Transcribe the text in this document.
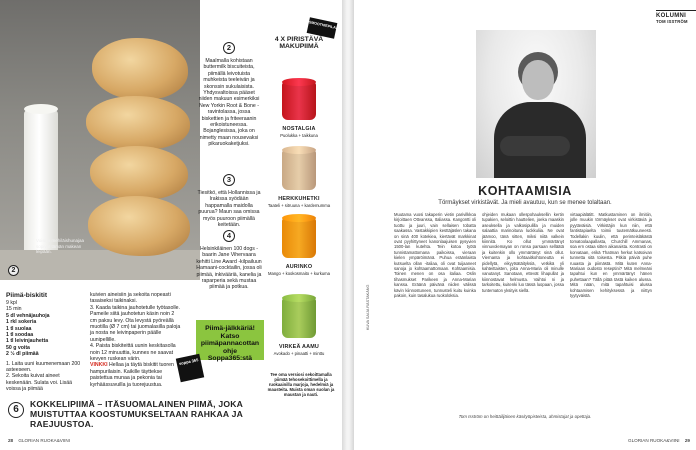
Voisi ja mehiläishunajaa sopivat tämän makean leipään.
2
2
Maalmalla kohistaan buttermilk biscuiteista, piimällä leivotuista muhkeista teeleivän ja skonssin sukulaisista. Yhdysvaltoissa pääset niiden makuun esimerkiksi New Yorkin Root & Bone -ravintolassa, jossa biskettien ja friteeraanin erikoistuneessa. Bojanglesissa, joka on nimetty maan nousevaksi pikaruokaketjuksi.
3
Tiesitkö, että Hollannissa ja Irakissa syödään happamalla maidolla puurua? Maun saa omissa myös puuroon piimällä keitetään.
4
Helsinkiläinen 100 dogs -baarin Jane Vihervaara kehitti Line Award -kilpailuun Hamaani-cocktailin, jossa oli piimää, inkivääriä, kanelia ja raparperia sekä mustaa piimää ja potkua.
Piimä-jälkkäriä! Katso piimäpannacottan ohje Soppa365:stä
soppa 365
Piimä-biskitit
9 kpl
15 min
5 dl vehnäjauhoja
1 rkl sokeria
1 tl suolaa
1 tl soodaa
1 tl leivinjauhetta
50 g voita
2 ½ dl piimää
1. Laita uuni kuumenemaan 200 asteeseen.
2. Sekoita kuivat aineet keskenään. Sulata voi. Lisää voissa ja piimää
kuivien aineisiin ja sekoita nopeasti tasaiseksi taikinaksi.
3. Kaada taikina jauhotetulle työtasolle. Pameile siitä jauhotetun käsin noin 2 cm paksu levy. Ota levystä pyöreällä muotilla (Ø 7 cm) tai juomalasilla paloja ja nosta ne leivinpaperin päälle uunipellille.
4. Paista biskiteittä uunin keskitasolla noin 12 minuuttia, kunnes ne saavat kevyen ruskean värin.
VINKKI Hellaa ja täytä biskitit tuoren hampurilaisin. Kaikille täyttekse paistettua munaa ja pekonia tai kyrhäässuvuilla ja tuorejuustua.
SMOOTHIEPILAARI
4 X PIRISTÄVÄ MAKUPIIMÄ
NOSTALGIA
Puolukka + taikkuna
HERKKUHETKI
Taateli + sitruuna + kardemumma
AURINKO
Mango + kookosmaito + kurkuma
VIRKEÄ AAMU
Avokado + pinaatti + minttu
Tee oma versiosi sekoittamalla piimää tehosekoittimella ja ruokaainilla marjoja, hedelmiä ja mausteita. Muista oman suolan ja maustan ja nauti.
6	KOKKELIPIIMÄ – ITÄSUOMALAINEN PIIMÄ, JOKA MUISTUTTAA KOOSTUMUKSELTAAN RAHKAA JA RAEJUUSTOA.
28 GLORIAN RUOKA&VIINI
KOLUMNI
TOM ISSTRÖM
KUVA SAIJA RÄSTAKÄNG
KOHTAAMISIA
Törmäykset virkistävät. Ja mieli avautuu, kun se menee tolaltaan.
Muutama vuosi takaperin vietin parivilkkoa kirjoittaen Ottvanssa, Italiassa. Kangontti oli tuottu ja juuri, vain sellaisen tobatta saakassa. Vastakkipien kesttäjäslen takana on sinä 400 kotekiea, kiertävät markkinat ovat pyyhittyneet kanonlaajuisen pysyvien 1500-lan kutehta. Tein kotoa työtä tunnistamattomana paikoissa, vieraan kielen ympäröimänä. Puhua eräänlaista kutsuelta ollan -italiaa, oli ovat tuijaaneet sanoja jo kohtaamattomaan. Kohtaamisia. Toinen menen on osa italiaa. Oslin tihasmukset Parikeen ja Anna-Marian kanssa. Eräänä päivänä niiden välissä kävin kiinnostuneen, tunnusteli kuitu kuinka pakoin, kuin tasalukua ruokoloksia.
ohjeiden mukaan ollespohauksellin kertin tupakien, seloittin hauttelien, joeka maaskin aseuksella ja valkosipulilla ja muiden salaattia marinoituna luckkuliia. Ne ovat jäämoo, tänä sitten, miksi niitä valkein kiinnitä. Ko ollut ymmärtänyt vinnuvolemayan on ronsa parsaan selläätä ja kuitenkin ollo ymmärtänyt sinä ollut. Viernanta ja kohtaaitkohtoneutta ei pidellytä, eikyytsätäityksiä, vetkikä yli kahteittaisten, joita Anna-Maria oli minulle vanutanyt. Sanotaan, ettevät lihapullat ja kiinnostavat helmusta. Vaihtoi ni ja tarkoitettu, kuitenki luo tässä luopaan, jossa tuntematon yksityis siellä.
virtaapiälätitt. Matkustaminen on ilmitiin, jolle muukin törmäykset ovat virkistäviä ja pyytäväisiä. Virkistäjin kun niin, että fantistapiaelta toimii tuutemätkuuneesti. Todellakin kuulin, että perinteisläkästä tomatoolaapallasta, Churchill Ammanas, soa ern ostaa sitten aikanaista. Kontrasti on korvataan, erikä Thatman herkut katsoivan tunnetta sitä toisesta. Pitkiä päiviä puhe ruuasta ja piimästä. Mitä kuten Anna-Mariaan oudosto reseptini? Mitä melmeäni tapahtui kun en ymmärtänyt hänen puhettaan? Tällä pitää tästä kaiken alussa. Mitä nään, mitä tapahtuisi alussa kohtaamisen kehityksessä ja niittyn tyytyväistä.
Tom Isström on heittäilijäinen käsityöpisteista, ahmistajat ja opettaja.
GLORIAN RUOKA&VIINI 29
